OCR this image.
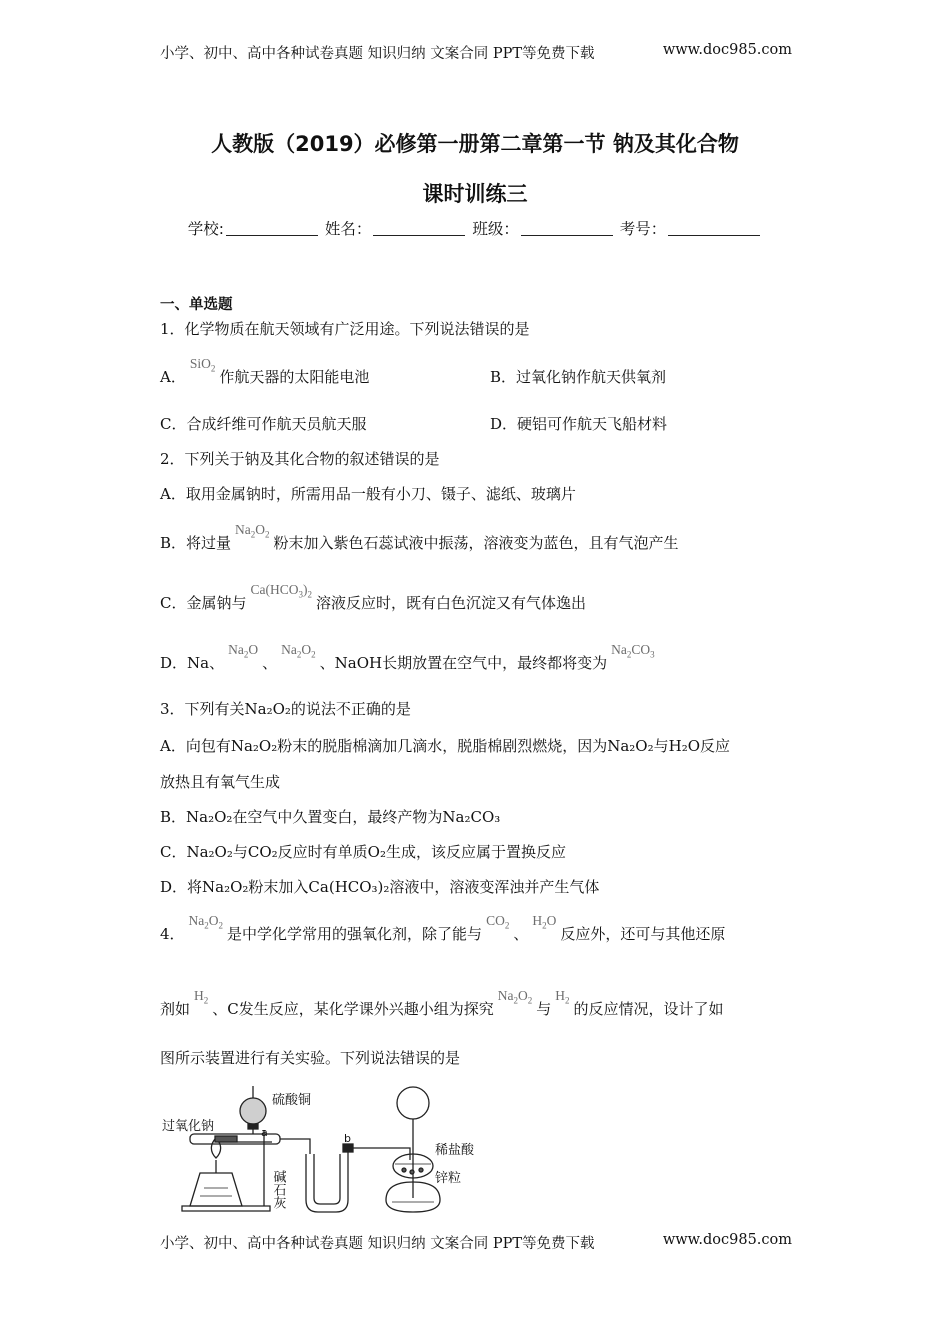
小学、初中、高中各种试卷真题 知识归纳 文案合同 PPT等免费下载	www.doc985.com
人教版（2019）必修第一册第二章第一节 钠及其化合物
课时训练三
学校:	姓名：	班级：	考号：
一、单选题
1．化学物质在航天领域有广泛用途。下列说法错误的是
A．SiO$_2$ 作航天器的太阳能电池	B．过氧化钠作航天供氧剂
C．合成纤维可作航天员航天服	D．硬铝可作航天飞船材料
2．下列关于钠及其化合物的叙述错误的是
A．取用金属钠时，所需用品一般有小刀、镊子、滤纸、玻璃片
B．将过量$Na_2O_2$ 粉末加入紫色石蕊试液中振荡，溶液变为蓝色，且有气泡产生
C．金属钠与$Ca(HCO_3)_2$ 溶液反应时，既有白色沉淀又有气体逸出
D．Na、$Na_2O$、$Na_2O_2$ 、NaOH长期放置在空气中，最终都将变为$Na_2CO_3$
3．下列有关Na₂O₂的说法不正确的是
A．向包有Na₂O₂粉末的脱脂棉滴加几滴水，脱脂棉剧烈燃烧，因为Na₂O₂与H₂O反应
放热且有氧气生成
B．Na₂O₂在空气中久置变白，最终产物为Na₂CO₃
C．Na₂O₂与CO₂反应时有单质O₂生成，该反应属于置换反应
D．将Na₂O₂粉末加入Ca(HCO₃)₂溶液中，溶液变浑浊并产生气体
4．$Na_2O_2$ 是中学化学常用的强氧化剂，除了能与$CO_2$ 、$H_2O$反应外，还可与其他还原
剂如$H_2$ 、C发生反应，某化学课外兴趣小组为探究$Na_2O_2$ 与$H_2$ 的反应情况，设计了如
图所示装置进行有关实验。下列说法错误的是
过氧化钠
硫酸铜
a	b
碱石灰
稀盐酸
锌粒
小学、初中、高中各种试卷真题 知识归纳 文案合同 PPT等免费下载	www.doc985.com
